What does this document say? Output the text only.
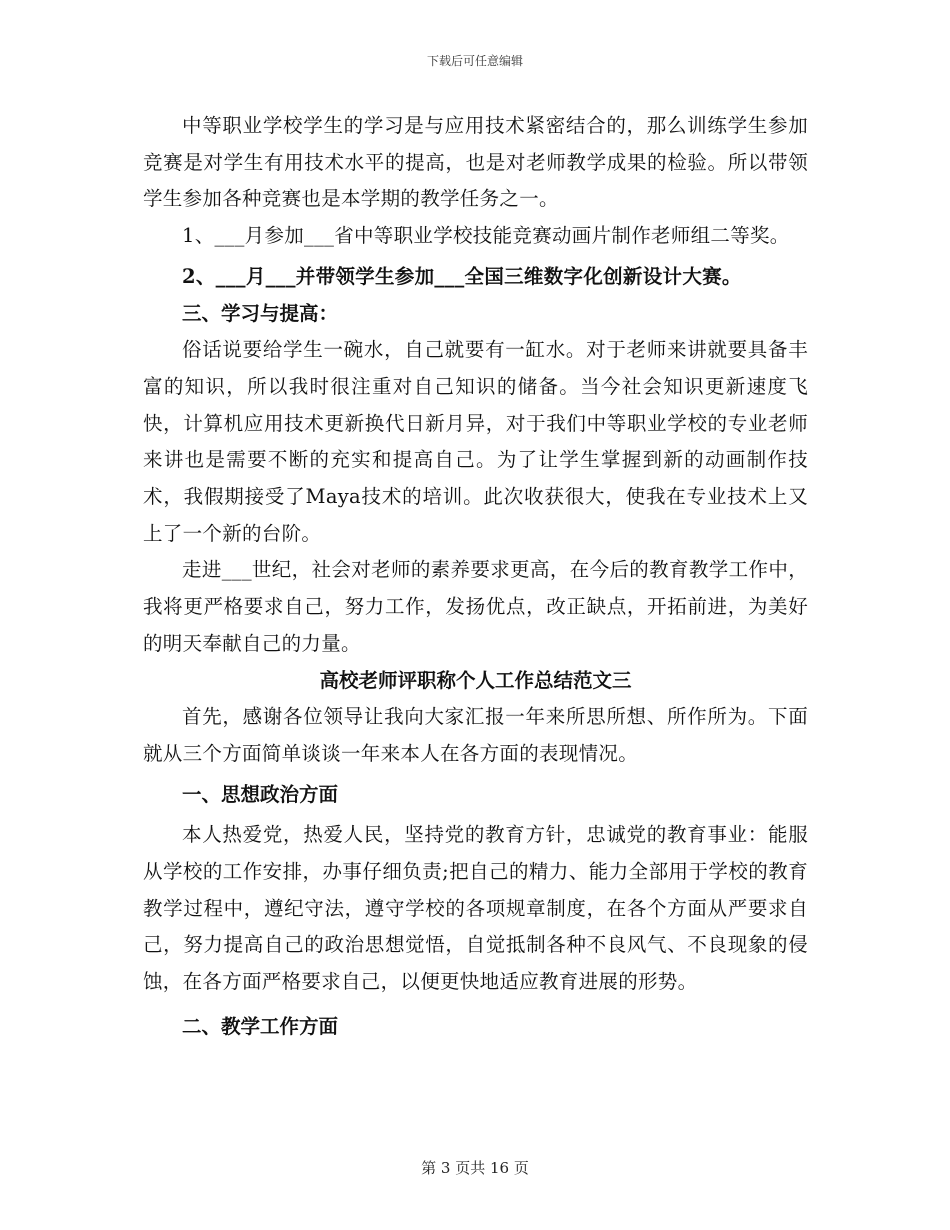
下载后可任意编辑

中等职业学校学生的学习是与应用技术紧密结合的，那么训练学生参加竞赛是对学生有用技术水平的提高，也是对老师教学成果的检验。所以带领学生参加各种竞赛也是本学期的教学任务之一。

1、___月参加___省中等职业学校技能竞赛动画片制作老师组二等奖。

2、___月___并带领学生参加___全国三维数字化创新设计大赛。

三、学习与提高：

俗话说要给学生一碗水，自己就要有一缸水。对于老师来讲就要具备丰富的知识，所以我时很注重对自己知识的储备。当今社会知识更新速度飞快，计算机应用技术更新换代日新月异，对于我们中等职业学校的专业老师来讲也是需要不断的充实和提高自己。为了让学生掌握到新的动画制作技术，我假期接受了Maya技术的培训。此次收获很大，使我在专业技术上又上了一个新的台阶。

走进___世纪，社会对老师的素养要求更高，在今后的教育教学工作中，我将更严格要求自己，努力工作，发扬优点，改正缺点，开拓前进，为美好的明天奉献自己的力量。

高校老师评职称个人工作总结范文三

首先，感谢各位领导让我向大家汇报一年来所思所想、所作所为。下面就从三个方面简单谈谈一年来本人在各方面的表现情况。

一、思想政治方面

本人热爱党，热爱人民，坚持党的教育方针，忠诚党的教育事业：能服从学校的工作安排，办事仔细负责;把自己的精力、能力全部用于学校的教育教学过程中，遵纪守法，遵守学校的各项规章制度，在各个方面从严要求自己，努力提高自己的政治思想觉悟，自觉抵制各种不良风气、不良现象的侵蚀，在各方面严格要求自己，以便更快地适应教育进展的形势。

二、教学工作方面

第 3 页共 16 页
